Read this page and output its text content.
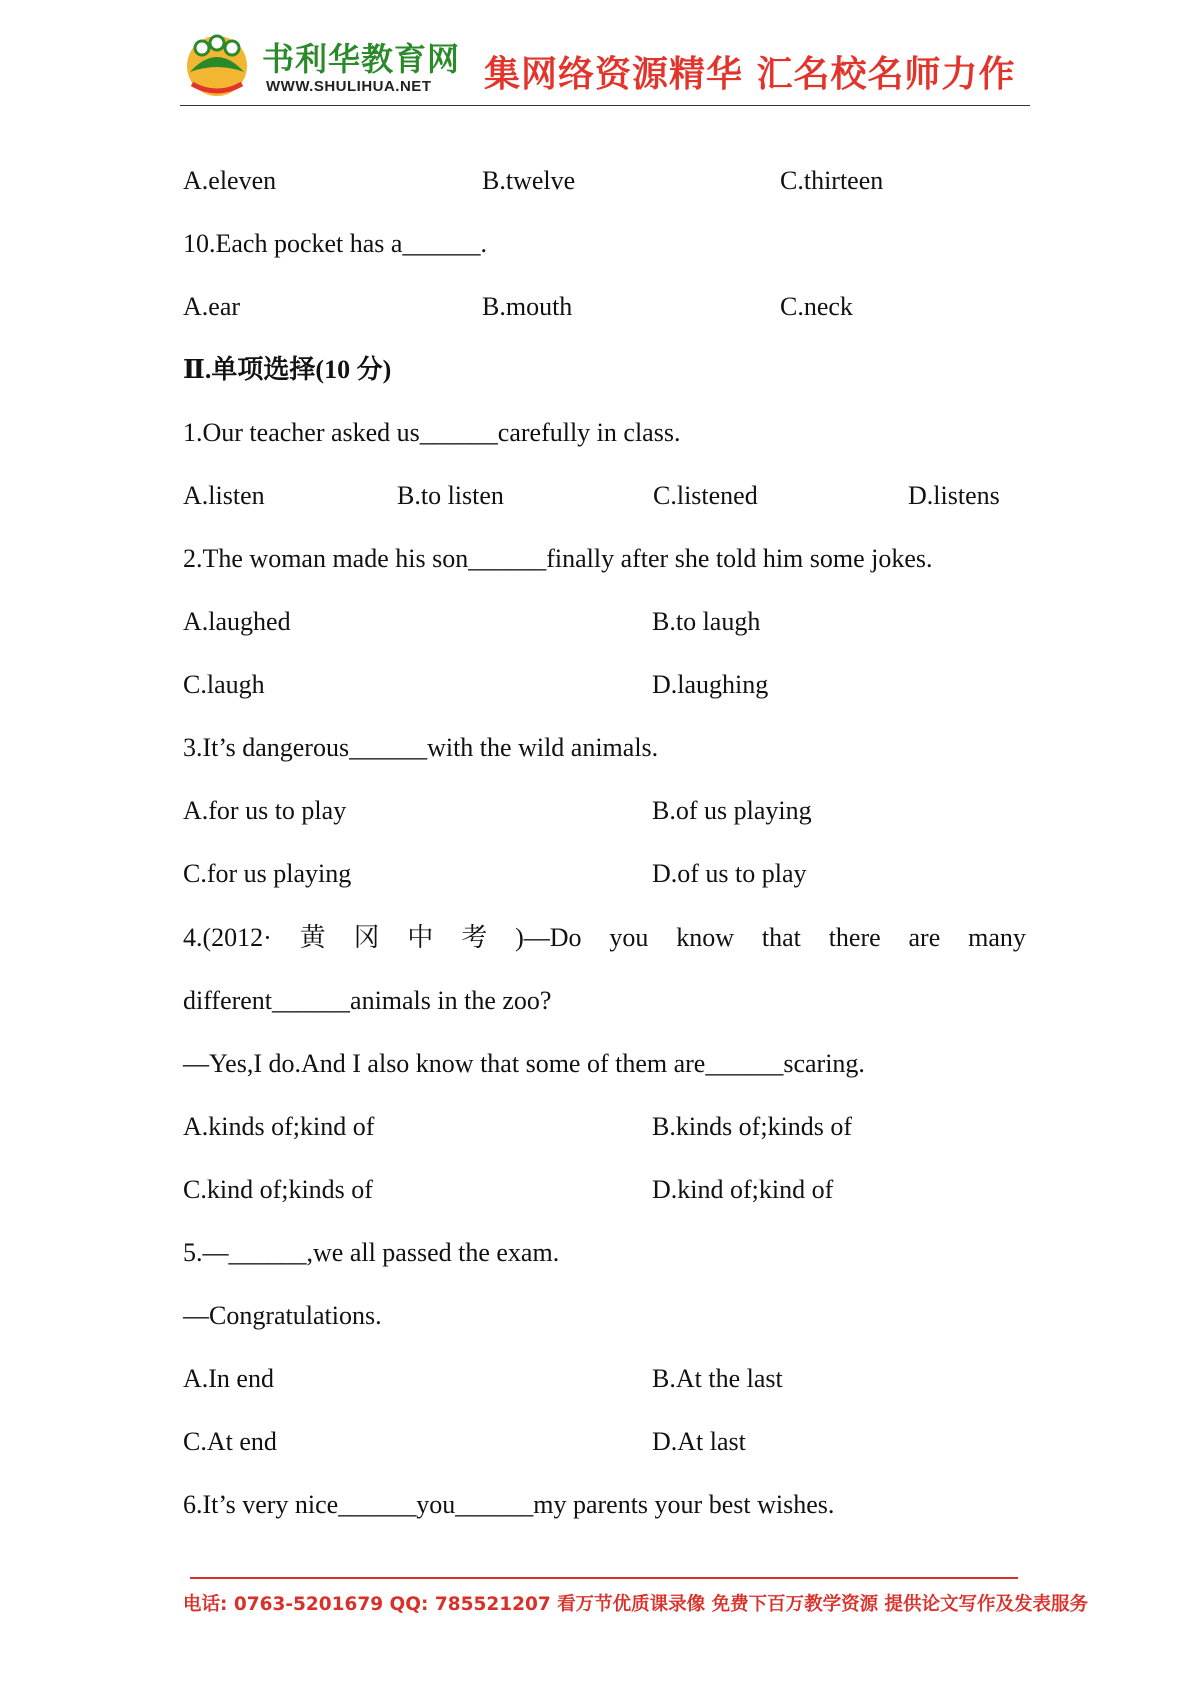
书利华教育网
WWW.SHULIHUA.NET 集网络资源精华 汇名校名师力作
A.eleven	B.twelve	C.thirteen
10.Each pocket has a______.
A.ear	B.mouth	C.neck
Ⅱ.单项选择(10 分)
1.Our teacher asked us______carefully in class.
A.listen	B.to listen	C.listened	D.listens
2.The woman made his son______finally after she told him some jokes.
A.laughed	B.to laugh
C.laugh	D.laughing
3.It’s dangerous______with the wild animals.
A.for us to play	B.of us playing
C.for us playing	D.of us to play
4.(2012· 黄 冈 中 考 )—Do you know that there are many
different______animals in the zoo?
—Yes,I do.And I also know that some of them are______scaring.
A.kinds of;kind of	B.kinds of;kinds of
C.kind of;kinds of	D.kind of;kind of
5.—______,we all passed the exam.
—Congratulations.
A.In end	B.At the last
C.At end	D.At last
6.It’s very nice______you______my parents your best wishes.
电话: 0763-5201679 QQ: 785521207 看万节优质课录像 免费下百万教学资源 提供论文写作及发表服务
